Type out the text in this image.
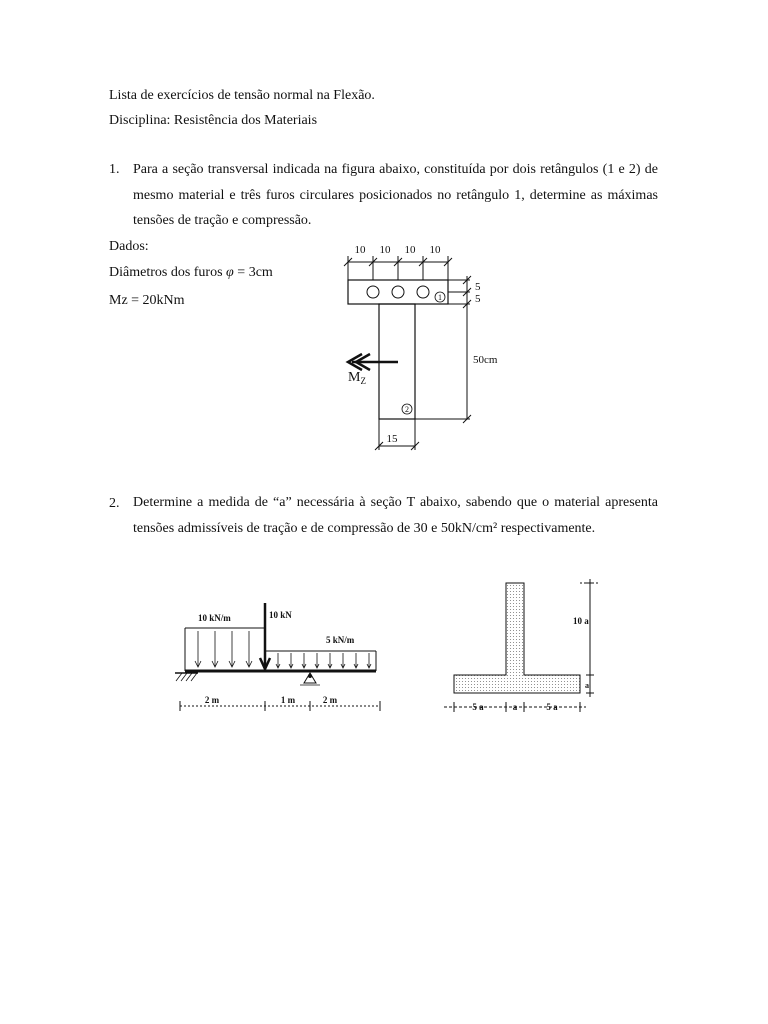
Lista de exercícios de tensão normal na Flexão.
Disciplina: Resistência dos Materiais
1. Para a seção transversal indicada na figura abaixo, constituída por dois retângulos (1 e 2) de mesmo material e três furos circulares posicionados no retângulo 1, determine as máximas tensões de tração e compressão.
Dados:
Diâmetros dos furos φ = 3cm
Mz = 20kNm
10 10 10 10
5
5
50cm
15
$M_Z$
1
2
2. Determine a medida de “a” necessária à seção T abaixo, sabendo que o material apresenta tensões admissíveis de tração e de compressão de 30 e 50kN/cm² respectivamente.
10 kN/m	10 kN
5 kN/m
2 m	1 m	2 m
10 a
a
5 a	a	5 a
